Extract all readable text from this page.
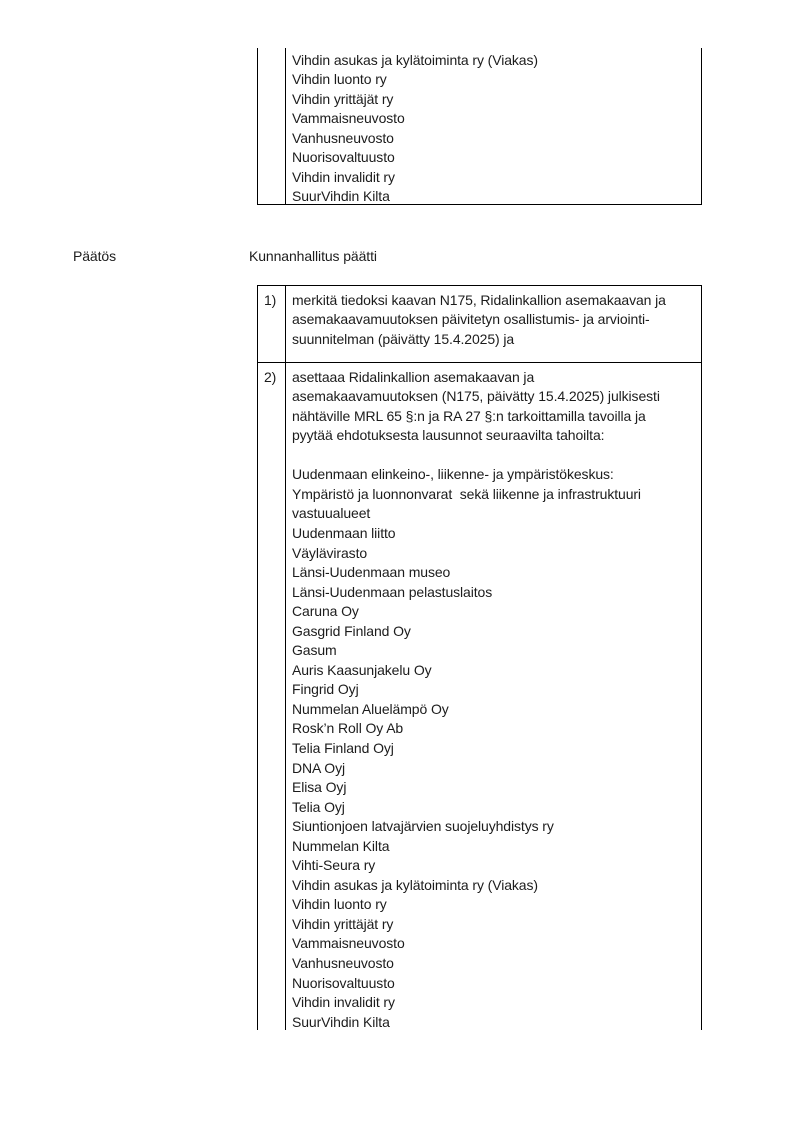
Vihdin asukas ja kylätoiminta ry (Viakas)
Vihdin luonto ry
Vihdin yrittäjät ry
Vammaisneuvosto
Vanhusneuvosto
Nuorisovaltuusto
Vihdin invalidit ry
SuurVihdin Kilta
Päätös	Kunnanhallitus päätti
1) merkitä tiedoksi kaavan N175, Ridalinkallion asemakaavan ja
asemakaavamuutoksen päivitetyn osallistumis- ja arviointi-
suunnitelman (päivätty 15.4.2025) ja
2) asettaaa Ridalinkallion asemakaavan ja
asemakaavamuutoksen (N175, päivätty 15.4.2025) julkisesti
nähtäville MRL 65 §:n ja RA 27 §:n tarkoittamilla tavoilla ja
pyytää ehdotuksesta lausunnot seuraavilta tahoilta:
Uudenmaan elinkeino-, liikenne- ja ympäristökeskus:
Ympäristö ja luonnonvarat  sekä liikenne ja infrastruktuuri
vastuualueet
Uudenmaan liitto
Väylävirasto
Länsi-Uudenmaan museo
Länsi-Uudenmaan pelastuslaitos
Caruna Oy
Gasgrid Finland Oy
Gasum
Auris Kaasunjakelu Oy
Fingrid Oyj
Nummelan Aluelämpö Oy
Rosk’n Roll Oy Ab
Telia Finland Oyj
DNA Oyj
Elisa Oyj
Telia Oyj
Siuntionjoen latvajärvien suojeluyhdistys ry
Nummelan Kilta
Vihti-Seura ry
Vihdin asukas ja kylätoiminta ry (Viakas)
Vihdin luonto ry
Vihdin yrittäjät ry
Vammaisneuvosto
Vanhusneuvosto
Nuorisovaltuusto
Vihdin invalidit ry
SuurVihdin Kilta
